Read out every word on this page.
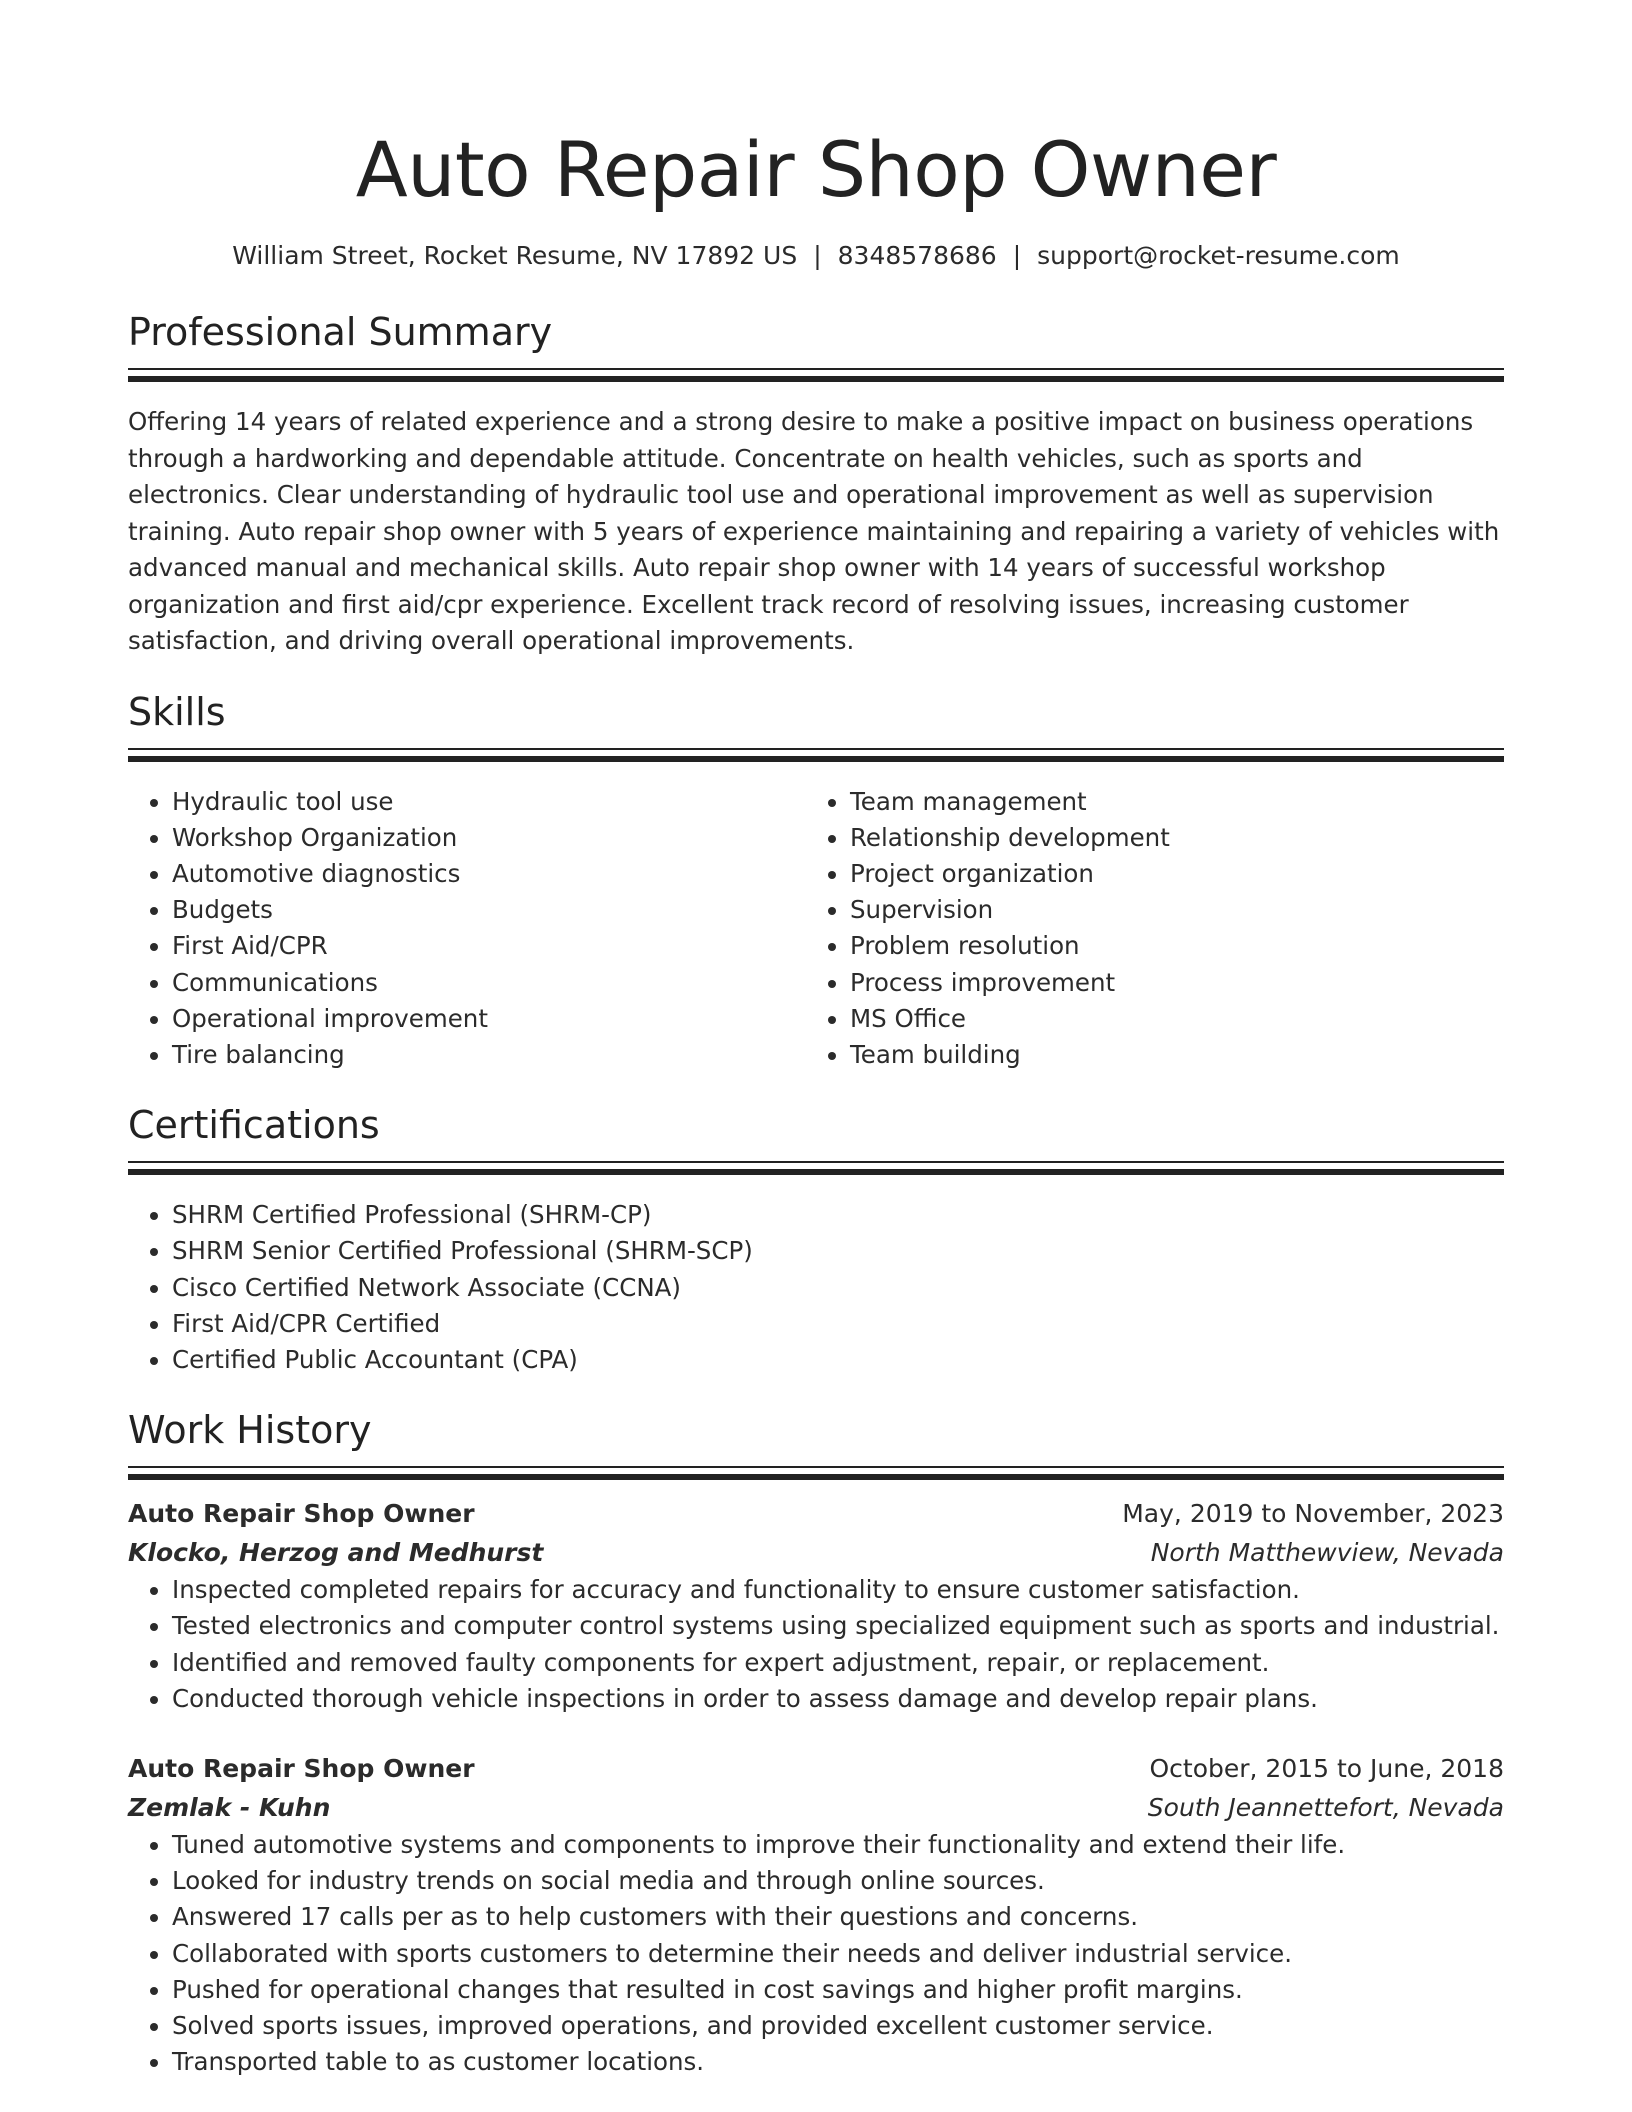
Auto Repair Shop Owner
William Street, Rocket Resume, NV 17892 US | 8348578686 | support@rocket-resume.com
Professional Summary

Offering 14 years of related experience and a strong desire to make a positive impact on business operations through a hardworking and dependable attitude. Concentrate on health vehicles, such as sports and electronics. Clear understanding of hydraulic tool use and operational improvement as well as supervision training. Auto repair shop owner with 5 years of experience maintaining and repairing a variety of vehicles with advanced manual and mechanical skills. Auto repair shop owner with 14 years of successful workshop organization and first aid/cpr experience. Excellent track record of resolving issues, increasing customer satisfaction, and driving overall operational improvements.

Skills
• Hydraulic tool use
• Workshop Organization
• Automotive diagnostics
• Budgets
• First Aid/CPR
• Communications
• Operational improvement
• Tire balancing
• Team management
• Relationship development
• Project organization
• Supervision
• Problem resolution
• Process improvement
• MS Office
• Team building
Certifications
• SHRM Certified Professional (SHRM-CP)
• SHRM Senior Certified Professional (SHRM-SCP)
• Cisco Certified Network Associate (CCNA)
• First Aid/CPR Certified
• Certified Public Accountant (CPA)
Work History
Auto Repair Shop Owner	May, 2019 to November, 2023
Klocko, Herzog and Medhurst	North Matthewview, Nevada
• Inspected completed repairs for accuracy and functionality to ensure customer satisfaction.
• Tested electronics and computer control systems using specialized equipment such as sports and industrial.
• Identified and removed faulty components for expert adjustment, repair, or replacement.
• Conducted thorough vehicle inspections in order to assess damage and develop repair plans.
Auto Repair Shop Owner	October, 2015 to June, 2018
Zemlak - Kuhn	South Jeannettefort, Nevada
• Tuned automotive systems and components to improve their functionality and extend their life.
• Looked for industry trends on social media and through online sources.
• Answered 17 calls per as to help customers with their questions and concerns.
• Collaborated with sports customers to determine their needs and deliver industrial service.
• Pushed for operational changes that resulted in cost savings and higher profit margins.
• Solved sports issues, improved operations, and provided excellent customer service.
• Transported table to as customer locations.
